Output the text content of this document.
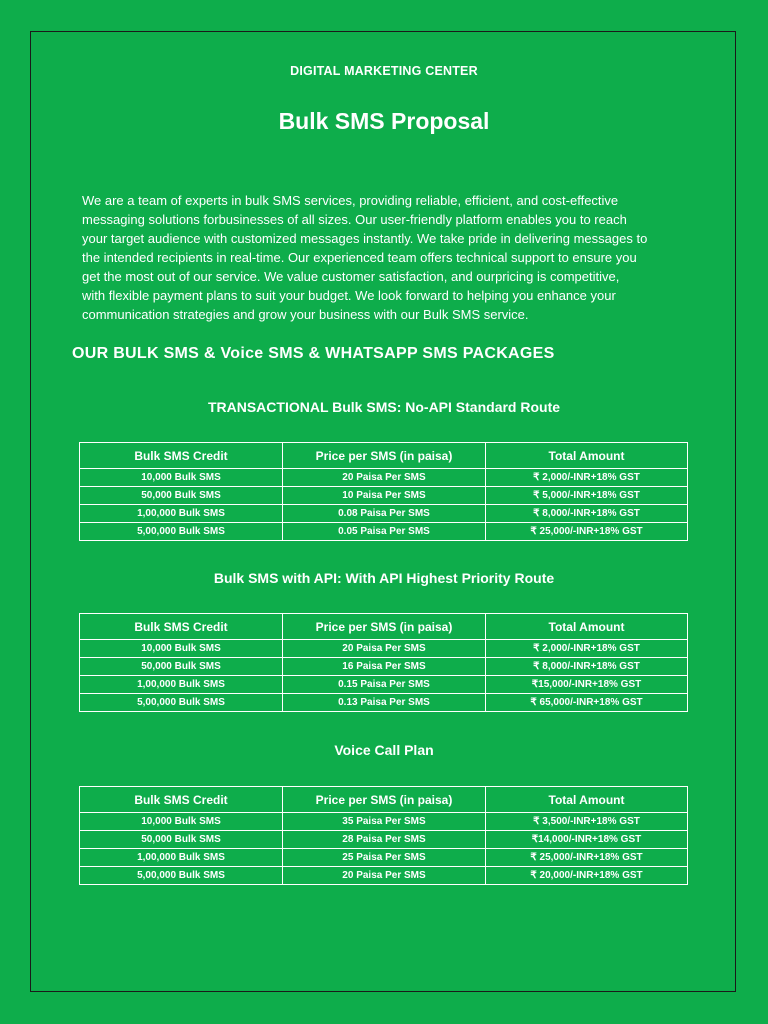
DIGITAL MARKETING CENTER
Bulk SMS Proposal
We are a team of experts in bulk SMS services, providing reliable, efficient, and cost-effective
messaging solutions forbusinesses of all sizes. Our user-friendly platform enables you to reach
your target audience with customized messages instantly. We take pride in delivering messages to
the intended recipients in real-time. Our experienced team offers technical support to ensure you
get the most out of our service. We value customer satisfaction, and ourpricing is competitive,
with flexible payment plans to suit your budget. We look forward to helping you enhance your
communication strategies and grow your business with our Bulk SMS service.
OUR BULK SMS & Voice SMS & WHATSAPP SMS PACKAGES
TRANSACTIONAL Bulk SMS: No-API Standard Route
Bulk SMS Credit	Price per SMS (in paisa)	Total Amount
10,000 Bulk SMS	20 Paisa Per SMS	₹ 2,000/-INR+18% GST
50,000 Bulk SMS	10 Paisa Per SMS	₹ 5,000/-INR+18% GST
1,00,000 Bulk SMS	0.08 Paisa Per SMS	₹ 8,000/-INR+18% GST
5,00,000 Bulk SMS	0.05 Paisa Per SMS	₹ 25,000/-INR+18% GST
Bulk SMS with API: With API Highest Priority Route
Bulk SMS Credit	Price per SMS (in paisa)	Total Amount
10,000 Bulk SMS	20 Paisa Per SMS	₹ 2,000/-INR+18% GST
50,000 Bulk SMS	16 Paisa Per SMS	₹ 8,000/-INR+18% GST
1,00,000 Bulk SMS	0.15 Paisa Per SMS	₹15,000/-INR+18% GST
5,00,000 Bulk SMS	0.13 Paisa Per SMS	₹ 65,000/-INR+18% GST
Voice Call Plan
Bulk SMS Credit	Price per SMS (in paisa)	Total Amount
10,000 Bulk SMS	35 Paisa Per SMS	₹ 3,500/-INR+18% GST
50,000 Bulk SMS	28 Paisa Per SMS	₹14,000/-INR+18% GST
1,00,000 Bulk SMS	25 Paisa Per SMS	₹ 25,000/-INR+18% GST
5,00,000 Bulk SMS	20 Paisa Per SMS	₹ 20,000/-INR+18% GST
